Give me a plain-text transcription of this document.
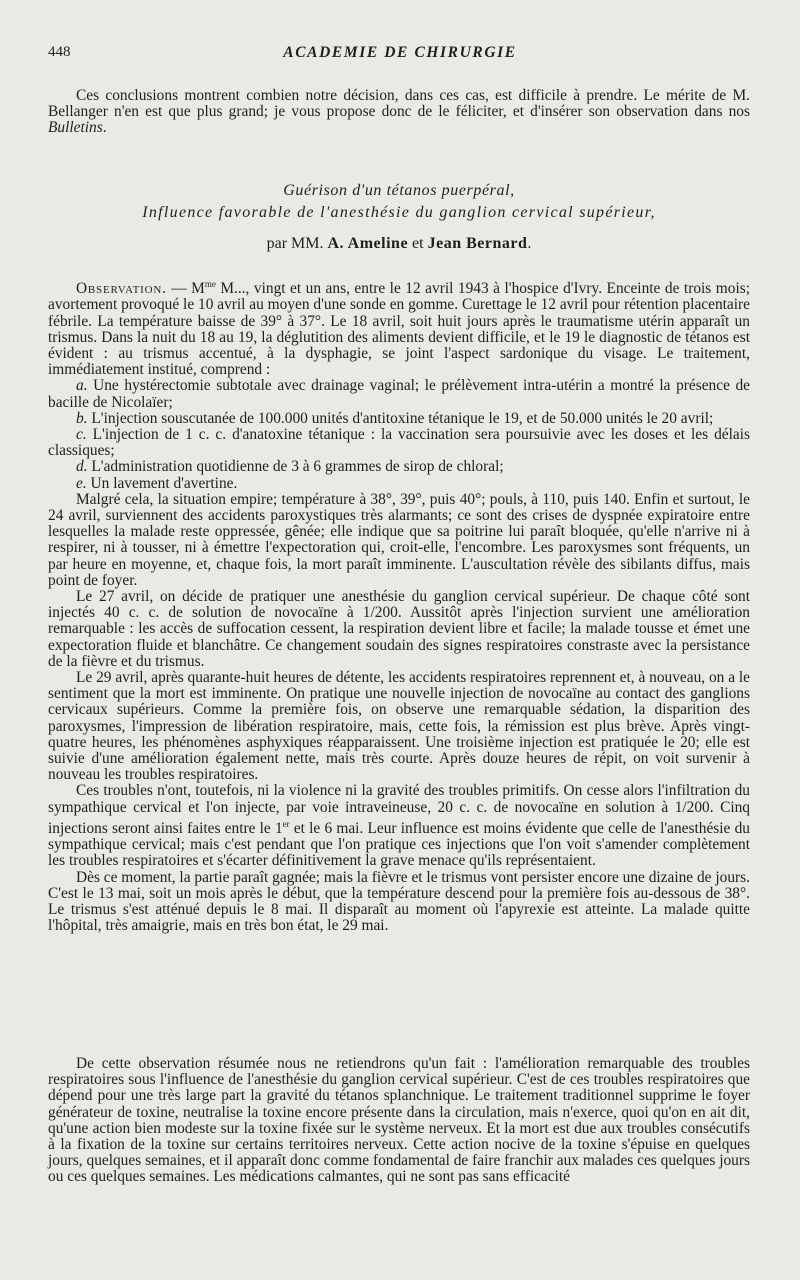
448	ACADEMIE DE CHIRURGIE

Ces conclusions montrent combien notre décision, dans ces cas, est difficile à prendre. Le mérite de M. Bellanger n'en est que plus grand; je vous propose donc de le féliciter, et d'insérer son observation dans nos Bulletins.

Guérison d'un tétanos puerpéral,
Influence favorable de l'anesthésie du ganglion cervical supérieur,
par MM. A. Ameline et Jean Bernard.

Observation. — $M^{me}$ M..., vingt et un ans, entre le 12 avril 1943 à l'hospice d'Ivry. Enceinte de trois mois; avortement provoqué le 10 avril au moyen d'une sonde en gomme. Curettage le 12 avril pour rétention placentaire fébrile. La température baisse de 39° à 37°. Le 18 avril, soit huit jours après le traumatisme utérin apparaît un trismus. Dans la nuit du 18 au 19, la déglutition des aliments devient difficile, et le 19 le diagnostic de tétanos est évident : au trismus accentué, à la dysphagie, se joint l'aspect sardonique du visage. Le traitement, immédiatement institué, comprend :

a. Une hystérectomie subtotale avec drainage vaginal; le prélèvement intra-utérin a montré la présence de bacille de Nicolaïer;

b. L'injection souscutanée de 100.000 unités d'antitoxine tétanique le 19, et de 50.000 unités le 20 avril;

c. L'injection de 1 c. c. d'anatoxine tétanique : la vaccination sera poursuivie avec les doses et les délais classiques;

d. L'administration quotidienne de 3 à 6 grammes de sirop de chloral;

e. Un lavement d'avertine.

Malgré cela, la situation empire; température à 38°, 39°, puis 40°; pouls, à 110, puis 140. Enfin et surtout, le 24 avril, surviennent des accidents paroxystiques très alarmants; ce sont des crises de dyspnée expiratoire entre lesquelles la malade reste oppressée, gênée; elle indique que sa poitrine lui paraît bloquée, qu'elle n'arrive ni à respirer, ni à tousser, ni à émettre l'expectoration qui, croit-elle, l'encombre. Les paroxysmes sont fréquents, un par heure en moyenne, et, chaque fois, la mort paraît imminente. L'auscultation révèle des sibilants diffus, mais point de foyer.

Le 27 avril, on décide de pratiquer une anesthésie du ganglion cervical supérieur. De chaque côté sont injectés 40 c. c. de solution de novocaïne à 1/200. Aussitôt après l'injection survient une amélioration remarquable : les accès de suffocation cessent, la respiration devient libre et facile; la malade tousse et émet une expectoration fluide et blanchâtre. Ce changement soudain des signes respiratoires constraste avec la persistance de la fièvre et du trismus.

Le 29 avril, après quarante-huit heures de détente, les accidents respiratoires reprennent et, à nouveau, on a le sentiment que la mort est imminente. On pratique une nouvelle injection de novocaïne au contact des ganglions cervicaux supérieurs. Comme la première fois, on observe une remarquable sédation, la disparition des paroxysmes, l'impression de libération respiratoire, mais, cette fois, la rémission est plus brève. Après vingt-quatre heures, les phénomènes asphyxiques réapparaissent. Une troisième injection est pratiquée le 20; elle est suivie d'une amélioration également nette, mais très courte. Après douze heures de répit, on voit survenir à nouveau les troubles respiratoires.

Ces troubles n'ont, toutefois, ni la violence ni la gravité des troubles primitifs. On cesse alors l'infiltration du sympathique cervical et l'on injecte, par voie intraveineuse, 20 c. c. de novocaïne en solution à 1/200. Cinq injections seront ainsi faites entre le 1er et le 6 mai. Leur influence est moins évidente que celle de l'anesthésie du sympathique cervical; mais c'est pendant que l'on pratique ces injections que l'on voit s'amender complètement les troubles respiratoires et s'écarter définitivement la grave menace qu'ils représentaient.

Dès ce moment, la partie paraît gagnée; mais la fièvre et le trismus vont persister encore une dizaine de jours. C'est le 13 mai, soit un mois après le début, que la température descend pour la première fois au-dessous de 38°. Le trismus s'est atténué depuis le 8 mai. Il disparaît au moment où l'apyrexie est atteinte. La malade quitte l'hôpital, très amaigrie, mais en très bon état, le 29 mai.

De cette observation résumée nous ne retiendrons qu'un fait : l'amélioration remarquable des troubles respiratoires sous l'influence de l'anesthésie du ganglion cervical supérieur. C'est de ces troubles respiratoires que dépend pour une très large part la gravité du tétanos splanchnique. Le traitement traditionnel supprime le foyer générateur de toxine, neutralise la toxine encore présente dans la circulation, mais n'exerce, quoi qu'on en ait dit, qu'une action bien modeste sur la toxine fixée sur le système nerveux. Et la mort est due aux troubles consécutifs à la fixation de la toxine sur certains territoires nerveux. Cette action nocive de la toxine s'épuise en quelques jours, quelques semaines, et il apparaît donc comme fondamental de faire franchir aux malades ces quelques jours ou ces quelques semaines. Les médications calmantes, qui ne sont pas sans efficacité
